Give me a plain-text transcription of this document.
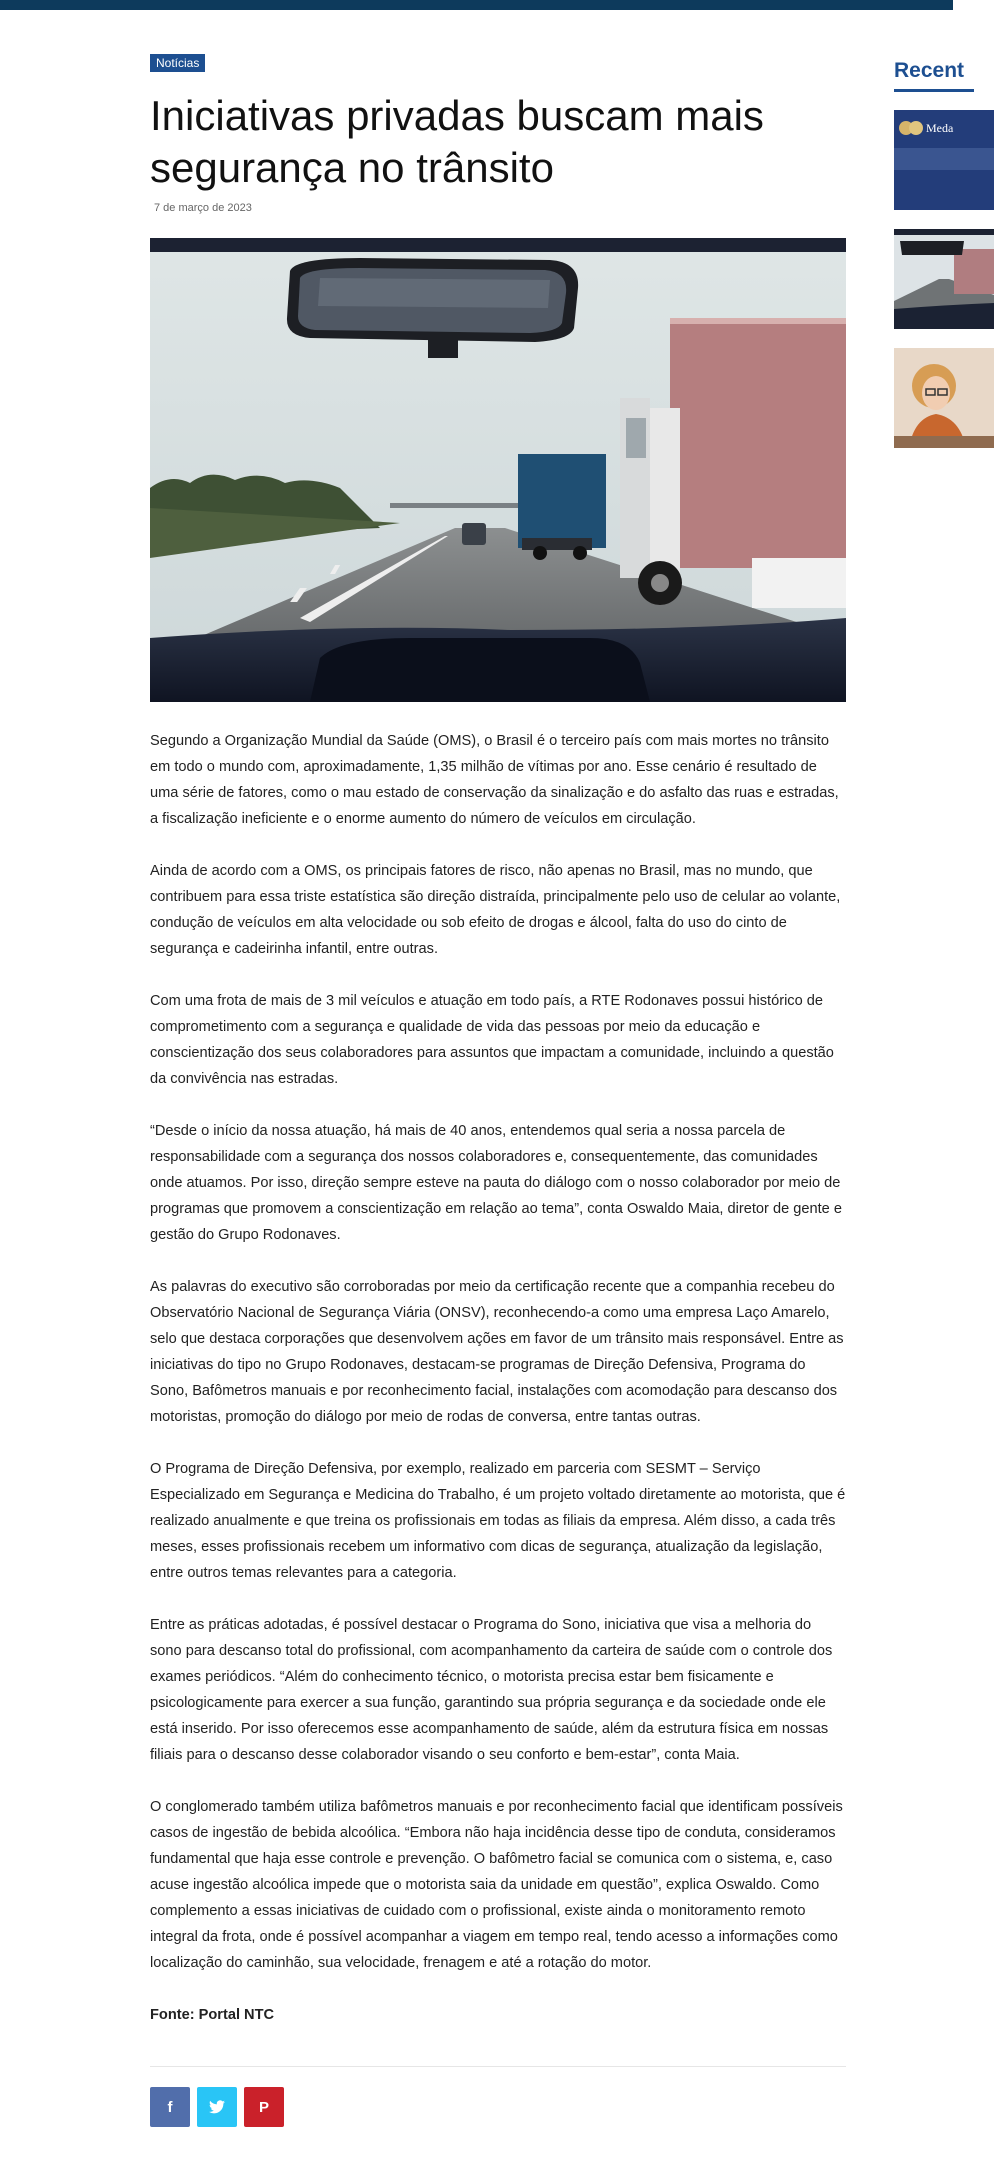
Notícias
Iniciativas privadas buscam mais segurança no trânsito
7 de março de 2023

Segundo a Organização Mundial da Saúde (OMS), o Brasil é o terceiro país com mais mortes no trânsito em todo o mundo com, aproximadamente, 1,35 milhão de vítimas por ano. Esse cenário é resultado de uma série de fatores, como o mau estado de conservação da sinalização e do asfalto das ruas e estradas, a fiscalização ineficiente e o enorme aumento do número de veículos em circulação.

Ainda de acordo com a OMS, os principais fatores de risco, não apenas no Brasil, mas no mundo, que contribuem para essa triste estatística são direção distraída, principalmente pelo uso de celular ao volante, condução de veículos em alta velocidade ou sob efeito de drogas e álcool, falta do uso do cinto de segurança e cadeirinha infantil, entre outras.

Com uma frota de mais de 3 mil veículos e atuação em todo país, a RTE Rodonaves possui histórico de comprometimento com a segurança e qualidade de vida das pessoas por meio da educação e conscientização dos seus colaboradores para assuntos que impactam a comunidade, incluindo a questão da convivência nas estradas.

“Desde o início da nossa atuação, há mais de 40 anos, entendemos qual seria a nossa parcela de responsabilidade com a segurança dos nossos colaboradores e, consequentemente, das comunidades onde atuamos. Por isso, direção sempre esteve na pauta do diálogo com o nosso colaborador por meio de programas que promovem a conscientização em relação ao tema”, conta Oswaldo Maia, diretor de gente e gestão do Grupo Rodonaves.

As palavras do executivo são corroboradas por meio da certificação recente que a companhia recebeu do Observatório Nacional de Segurança Viária (ONSV), reconhecendo-a como uma empresa Laço Amarelo, selo que destaca corporações que desenvolvem ações em favor de um trânsito mais responsável. Entre as iniciativas do tipo no Grupo Rodonaves, destacam-se programas de Direção Defensiva, Programa do Sono, Bafômetros manuais e por reconhecimento facial, instalações com acomodação para descanso dos motoristas, promoção do diálogo por meio de rodas de conversa, entre tantas outras.

O Programa de Direção Defensiva, por exemplo, realizado em parceria com SESMT – Serviço Especializado em Segurança e Medicina do Trabalho, é um projeto voltado diretamente ao motorista, que é realizado anualmente e que treina os profissionais em todas as filiais da empresa. Além disso, a cada três meses, esses profissionais recebem um informativo com dicas de segurança, atualização da legislação, entre outros temas relevantes para a categoria.

Entre as práticas adotadas, é possível destacar o Programa do Sono, iniciativa que visa a melhoria do sono para descanso total do profissional, com acompanhamento da carteira de saúde com o controle dos exames periódicos. “Além do conhecimento técnico, o motorista precisa estar bem fisicamente e psicologicamente para exercer a sua função, garantindo sua própria segurança e da sociedade onde ele está inserido. Por isso oferecemos esse acompanhamento de saúde, além da estrutura física em nossas filiais para o descanso desse colaborador visando o seu conforto e bem-estar”, conta Maia.

O conglomerado também utiliza bafômetros manuais e por reconhecimento facial que identificam possíveis casos de ingestão de bebida alcoólica. “Embora não haja incidência desse tipo de conduta, consideramos fundamental que haja esse controle e prevenção. O bafômetro facial se comunica com o sistema, e, caso acuse ingestão alcoólica impede que o motorista saia da unidade em questão”, explica Oswaldo. Como complemento a essas iniciativas de cuidado com o profissional, existe ainda o monitoramento remoto integral da frota, onde é possível acompanhar a viagem em tempo real, tendo acesso a informações como localização do caminhão, sua velocidade, frenagem e até a rotação do motor.

Fonte: Portal NTC
f	P
Recent
Meda
